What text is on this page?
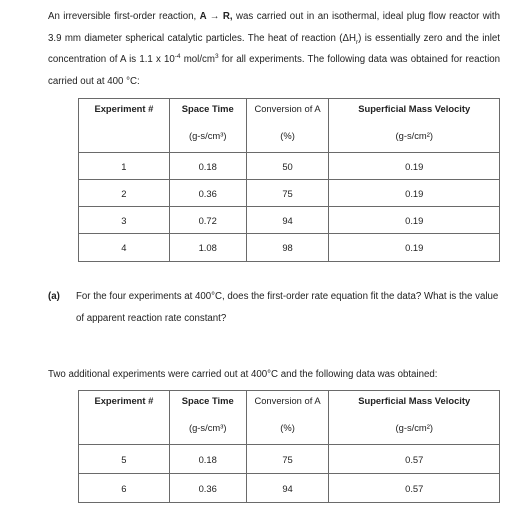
An irreversible first-order reaction, A → R, was carried out in an isothermal, ideal plug flow reactor with 3.9 mm diameter spherical catalytic particles. The heat of reaction $(\Delta H_r)$ is essentially zero and the inlet concentration of A is 1.1 x $10^{-4}$ mol/$cm^3$ for all experiments. The following data was obtained for reaction carried out at 400 °C:
Experiment #	Space Time	Conversion of A	Superficial Mass Velocity
	(g-s/cm³)	(%)	(g-s/cm²)
1	0.18	50	0.19
2	0.36	75	0.19
3	0.72	94	0.19
4	1.08	98	0.19
(a) For the four experiments at 400°C, does the first-order rate equation fit the data? What is the value of apparent reaction rate constant?
Two additional experiments were carried out at 400°C and the following data was obtained:
Experiment #	Space Time	Conversion of A	Superficial Mass Velocity
	(g-s/cm³)	(%)	(g-s/cm²)
5	0.18	75	0.57
6	0.36	94	0.57
